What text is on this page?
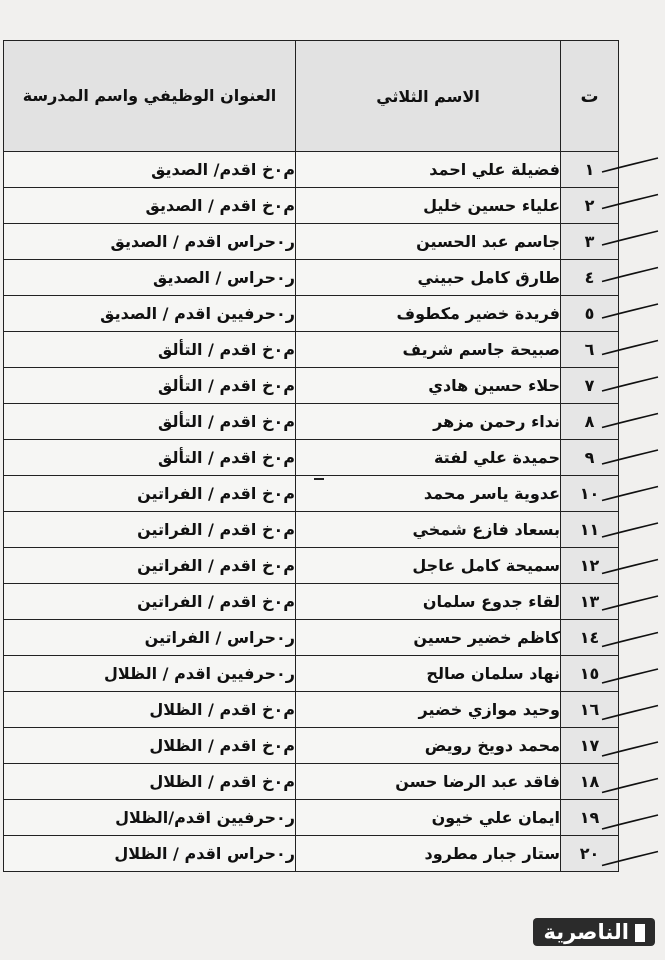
ت	الاسم الثلاثي	العنوان الوظيفي واسم المدرسة
١	فضيلة علي احمد	م٠خ اقدم/ الصديق
٢	علياء حسين خليل	م٠خ اقدم / الصديق
٣	جاسم عبد الحسين	ر٠حراس اقدم / الصديق
٤	طارق كامل حبيني	ر٠حراس / الصديق
٥	فريدة خضير مكطوف	ر٠حرفيين اقدم / الصديق
٦	صبيحة جاسم شريف	م٠خ اقدم / التألق
٧	حلاء حسين هادي	م٠خ اقدم / التألق
٨	نداء رحمن مزهر	م٠خ اقدم / التألق
٩	حميدة علي لفتة	م٠خ اقدم / التألق
١٠	عدوية ياسر محمد	م٠خ اقدم / الفراتين
١١	بسعاد فازع شمخي	م٠خ اقدم / الفراتين
١٢	سميحة كامل عاجل	م٠خ اقدم / الفراتين
١٣	لقاء جدوع سلمان	م٠خ اقدم / الفراتين
١٤	كاظم خضير حسين	ر٠حراس / الفراتين
١٥	نهاد سلمان صالح	ر٠حرفيين اقدم / الظلال
١٦	وحيد موازي خضير	م٠خ اقدم / الظلال
١٧	محمد دويخ رويض	م٠خ اقدم / الظلال
١٨	فاقد عبد الرضا حسن	م٠خ اقدم / الظلال
١٩	ايمان علي خيون	ر٠حرفيين اقدم/الظلال
٢٠	ستار جبار مطرود	ر٠حراس اقدم / الظلال
الناصرية
